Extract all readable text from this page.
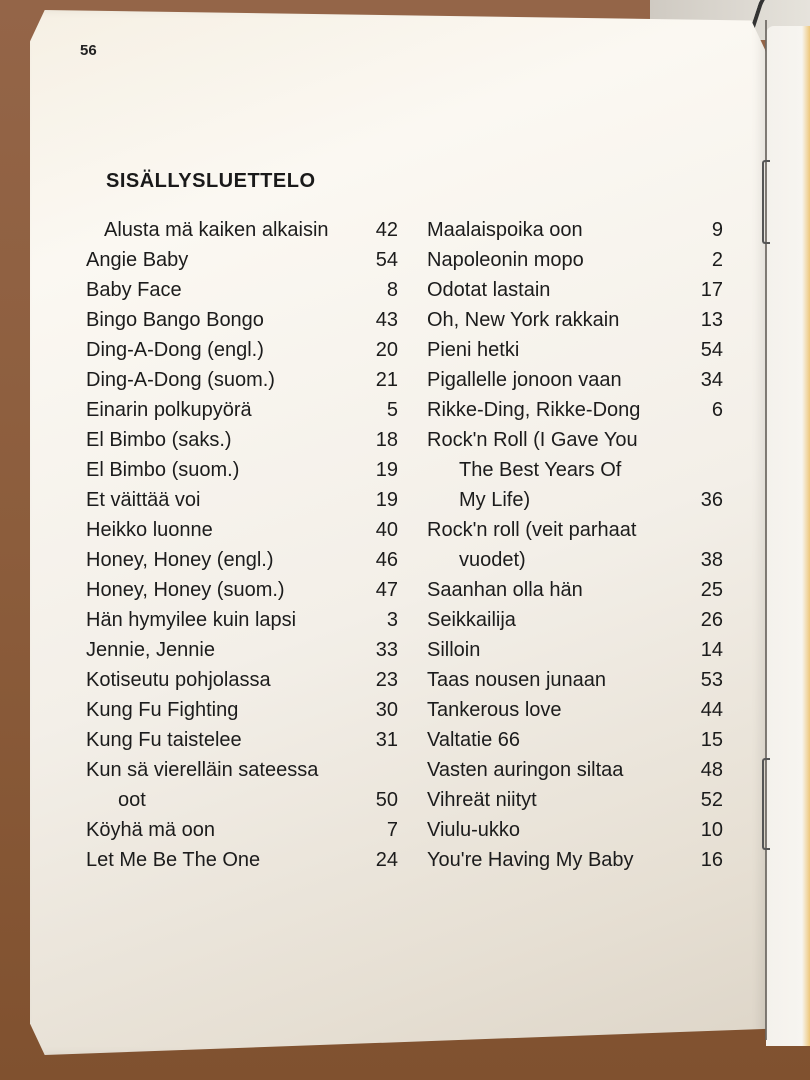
56
SISÄLLYSLUETTELO
Alusta mä kaiken alkaisin	42
Angie Baby	54
Baby Face	8
Bingo Bango Bongo	43
Ding-A-Dong (engl.)	20
Ding-A-Dong (suom.)	21
Einarin polkupyörä	5
El Bimbo (saks.)	18
El Bimbo (suom.)	19
Et väittää voi	19
Heikko luonne	40
Honey, Honey (engl.)	46
Honey, Honey (suom.)	47
Hän hymyilee kuin lapsi	3
Jennie, Jennie	33
Kotiseutu pohjolassa	23
Kung Fu Fighting	30
Kung Fu taistelee	31
Kun sä vierelläin sateessa
oot	50
Köyhä mä oon	7
Let Me Be The One	24
Maalaispoika oon	9
Napoleonin mopo	2
Odotat lastain	17
Oh, New York rakkain	13
Pieni hetki	54
Pigallelle jonoon vaan	34
Rikke-Ding, Rikke-Dong	6
Rock'n Roll (I Gave You
The Best Years Of
My Life)	36
Rock'n roll (veit parhaat
vuodet)	38
Saanhan olla hän	25
Seikkailija	26
Silloin	14
Taas nousen junaan	53
Tankerous love	44
Valtatie 66	15
Vasten auringon siltaa	48
Vihreät niityt	52
Viulu-ukko	10
You're Having My Baby	16
